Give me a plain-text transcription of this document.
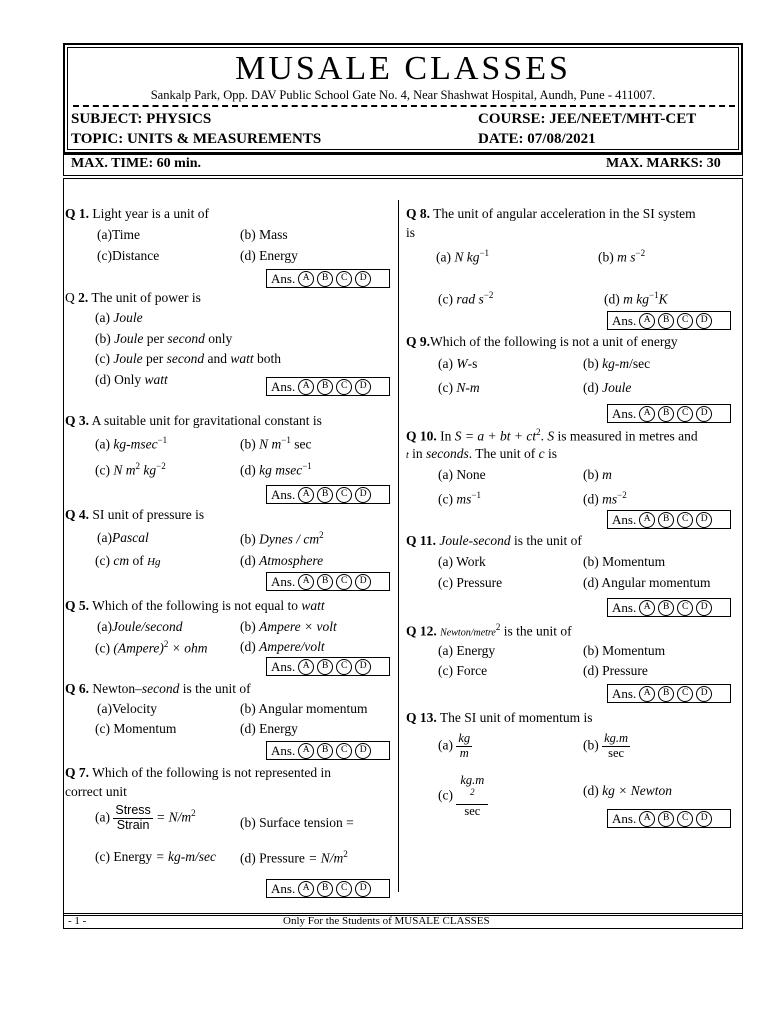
MUSALE CLASSES
Sankalp Park, Opp. DAV Public School Gate No. 4, Near Shashwat Hospital, Aundh, Pune - 411007.
SUBJECT: PHYSICS	COURSE: JEE/NEET/MHT-CET
TOPIC: UNITS & MEASUREMENTS	DATE: 07/08/2021
MAX. TIME: 60 min.	MAX. MARKS: 30
Q 1. Light year is a unit of
(a)Time	(b) Mass
(c)Distance	(d) Energy
Ans. A	B	C	D
Q 2. The unit of power is
(a) Joule
(b) Joule per second only
(c) Joule per second and watt both
(d) Only watt	Ans. A	B	C	D
Q 3. A suitable unit for gravitational constant is
(a) kg-msec$^{-1}$	(b) N $m^{-1}$ sec
(c) N $m^2$ $kg^{-2}$	(d) kg msec$^{-1}$
Ans. A	B	C	D
Q 4. SI unit of pressure is
(a)Pascal	(b) Dynes / $cm^2$
(c) cm of Hg	(d) Atmosphere
Ans. A	B	C	D
Q 5. Which of the following is not equal to watt
(a)Joule/second	(b) Ampere × volt
(c) (Ampere)$^2$ × ohm (d) Ampere/volt
Ans. A	B	C	D
Q 6. Newton–second is the unit of
(a)Velocity	(b) Angular momentum
(c) Momentum	(d) Energy
Ans. A	B	C	D
Q 7. Which of the following is not represented in
correct unit
$(a) \frac{\text{Stress}}{\text{Strain}} = N/m^2$
(b) Surface tension =
(c) Energy = kg-m/sec (d) Pressure = $N/m^2$
Ans. A	B	C	D
Q 8. The unit of angular acceleration in the SI system
is
(a) N $kg^{-1}$	(b) m $s^{-2}$
(c) rad $s^{-2}$	(d) m $kg^{-1}K$
Ans. A	B	C	D
Q 9.Which of the following is not a unit of energy
(a) W-s	(b) kg-m/sec
(c) N-m	(d) Joule
Ans. A	B	C	D
Q 10. In S = a + bt + $ct^2$. S is measured in metres and
t in seconds. The unit of c is
(a) None	(b) m
(c) $ms^{-1}$	(d) $ms^{-2}$
Ans. A	B	C	D
Q 11. Joule-second is the unit of
(a) Work	(b) Momentum
(c) Pressure	(d) Angular momentum
Ans. A	B	C	D
Q 12. Newton/metre$^2$ is the unit of
(a) Energy	(b) Momentum
(c) Force	(d) Pressure
Ans. A	B	C	D
Q 13. The SI unit of momentum is
$(a) \frac{kg}{m}$	$(b) \frac{kg.m}{\sec}$
(c) kg.m
$^2$
sec	(d) kg × Newton
Ans. A	B	C	D
- 1 -	Only For the Students of MUSALE CLASSES
